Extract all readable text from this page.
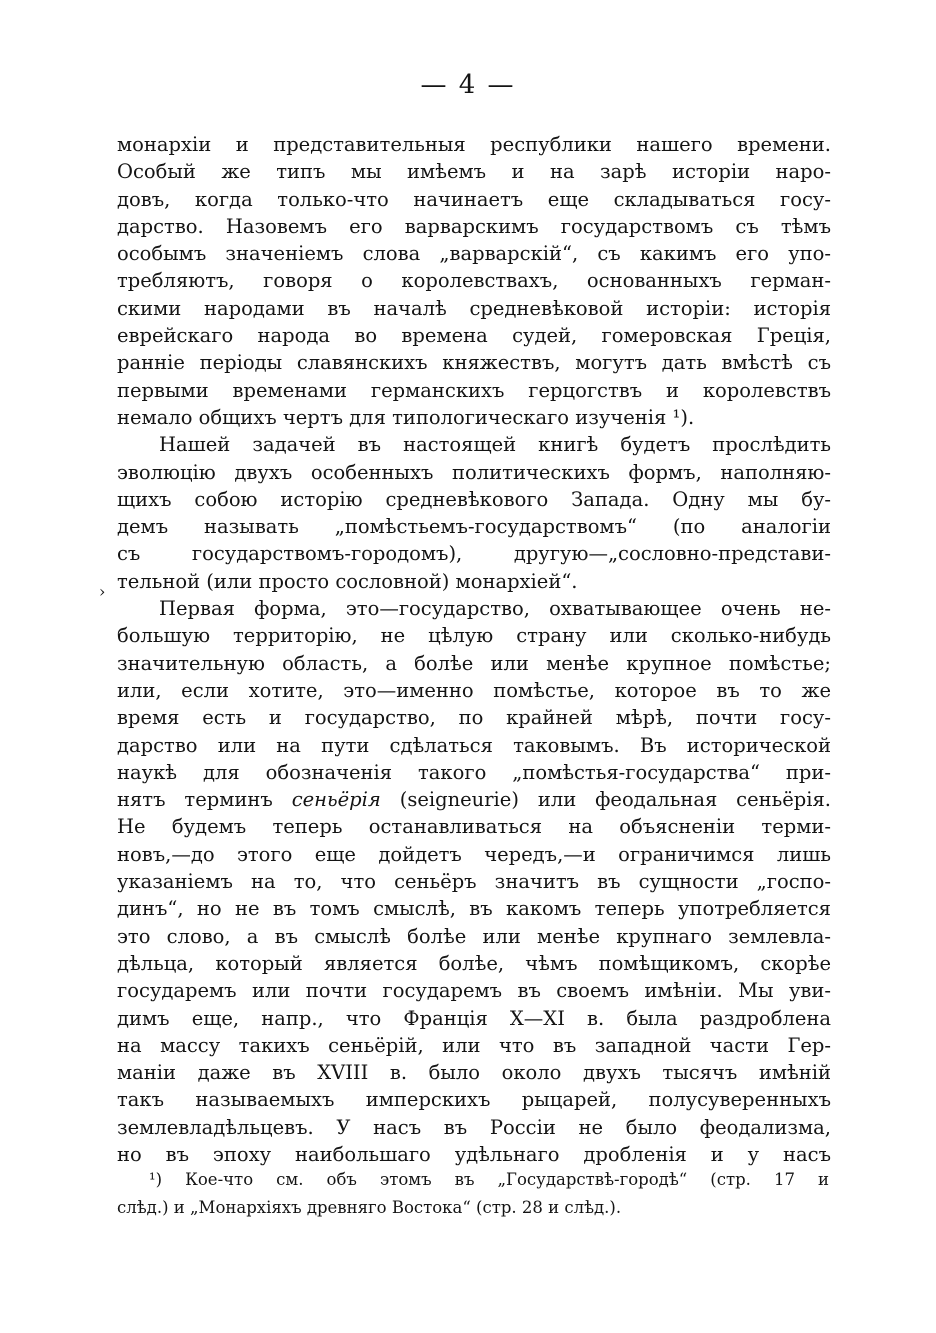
— 4 —
›
монархіи и представительныя республики нашего времени.
Особый же типъ мы имѣемъ и на зарѣ исторіи наро-
довъ, когда только-что начинаетъ еще складываться госу-
дарство. Назовемъ его варварскимъ государствомъ съ тѣмъ
особымъ значеніемъ слова „варварскій“, съ какимъ его упо-
требляютъ, говоря о королевствахъ, основанныхъ герман-
скими народами въ началѣ средневѣковой исторіи: исторія
еврейскаго народа во времена судей, гомеровская Греція,
ранніе періоды славянскихъ княжествъ, могутъ дать вмѣстѣ съ
первыми временами германскихъ герцогствъ и королевствъ
немало общихъ чертъ для типологическаго изученія ¹).
Нашей задачей въ настоящей книгѣ будетъ прослѣдить
эволюцію двухъ особенныхъ политическихъ формъ, наполняю-
щихъ собою исторію средневѣкового Запада. Одну мы бу-
демъ называть „помѣстьемъ-государствомъ“ (по аналогіи
съ государствомъ-городомъ), другую—„сословно-представи-
тельной (или просто сословной) монархіей“.
Первая форма, это—государство, охватывающее очень не-
большую территорію, не цѣлую страну или сколько-нибудь
значительную область, а болѣе или менѣе крупное помѣстье;
или, если хотите, это—именно помѣстье, которое въ то же
время есть и государство, по крайней мѣрѣ, почти госу-
дарство или на пути сдѣлаться таковымъ. Въ исторической
наукѣ для обозначенія такого „помѣстья-государства“ при-
нятъ терминъ сеньёрія (seigneurie) или феодальная сеньёрія.
Не будемъ теперь останавливаться на объясненіи терми-
новъ,—до этого еще дойдетъ чередъ,—и ограничимся лишь
указаніемъ на то, что сеньёръ значитъ въ сущности „госпо-
динъ“, но не въ томъ смыслѣ, въ какомъ теперь употребляется
это слово, а въ смыслѣ болѣе или менѣе крупнаго землевла-
дѣльца, который является болѣе, чѣмъ помѣщикомъ, скорѣе
государемъ или почти государемъ въ своемъ имѣніи. Мы уви-
димъ еще, напр., что Франція X—XI в. была раздроблена
на массу такихъ сеньёрій, или что въ западной части Гер-
маніи даже въ XVIII в. было около двухъ тысячъ имѣній
такъ называемыхъ имперскихъ рыцарей, полусуверенныхъ
землевладѣльцевъ. У насъ въ Россіи не было феодализма,
но въ эпоху наибольшаго удѣльнаго дробленія и у насъ
¹) Кое-что см. объ этомъ въ „Государствѣ-городѣ“ (стр. 17 и
слѣд.) и „Монархіяхъ древняго Востока“ (стр. 28 и слѣд.).
